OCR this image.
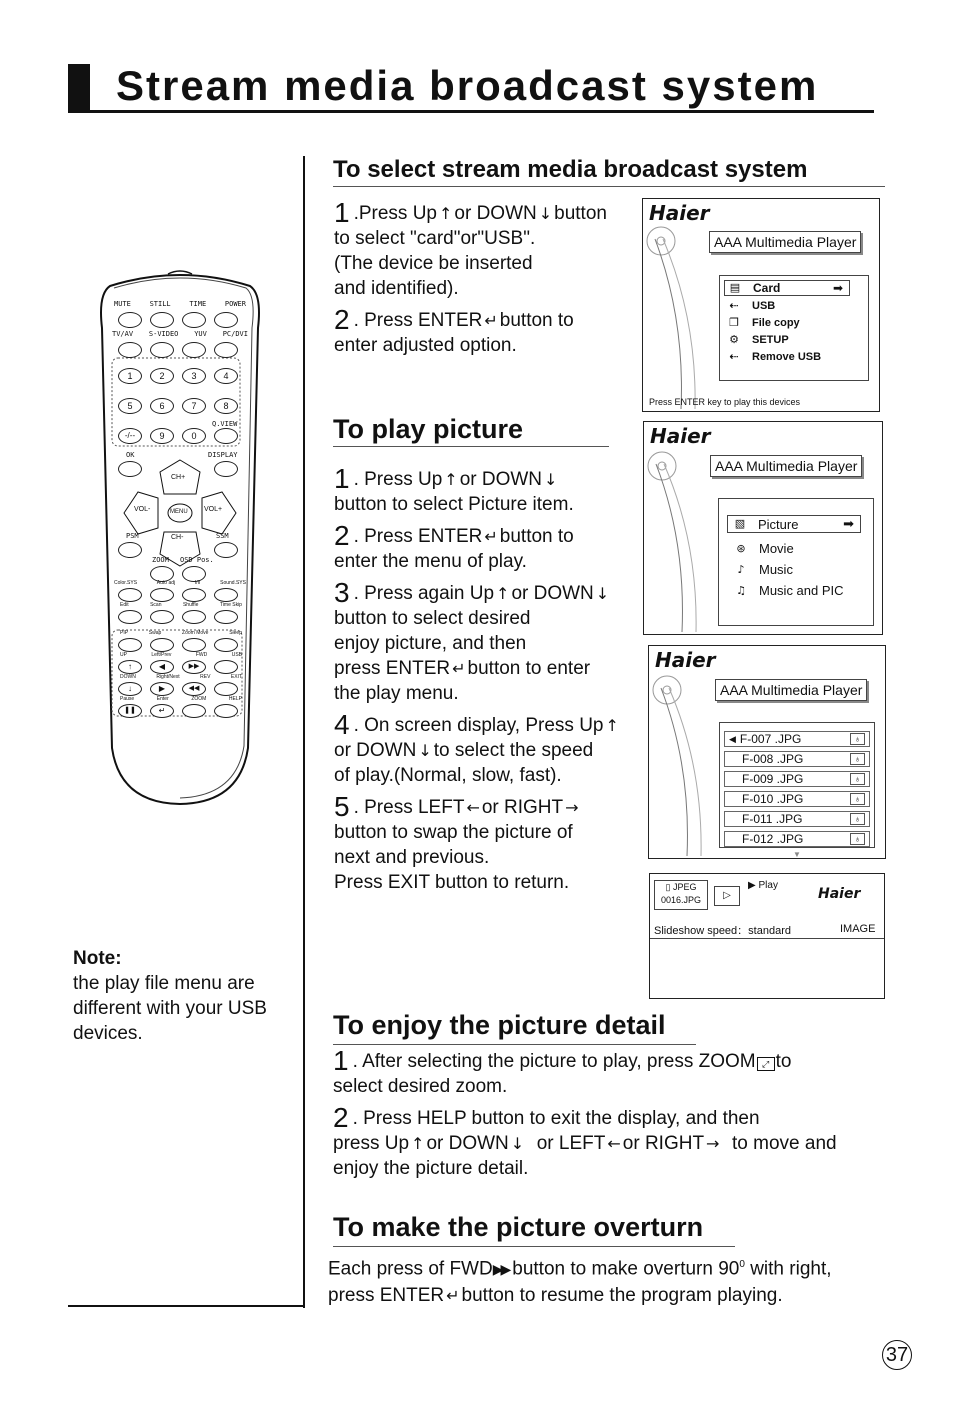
Stream media broadcast system
MUTE	STILL	TIME	POWER
TV/AV S-VIDEO YUV PC/DVI
1	2	3	4
5	6	7	8
Q.VIEW
-/--	9	0
OK	DISPLAY
CH+
CH-
VOL-	VOL+
MENU
PSM	SSM
ZOOM OSD Pos.
Color.SYS	Auto adj	I/II	Sound.SYS
Edit	Scan	Shuffle	Time Skip
PIP	Swap	Zoom Move	Sleep
UP	Left/Prev	FWD	USB
↑	◀	▶▶
DOWN	Right/Next	REV	EXIT
↓	▶	◀◀
Pause	Enter	ZOOM	HELP
❚❚	↵
Note:
the play file menu are
different with your USB
devices.
To select stream media broadcast system
1 .Press Up ↑ or DOWN ↓ button
to select "card"or"USB".
(The device be inserted
and identified).
2 . Press ENTER ↵ button to
enter adjusted option.
Haier
AAA Multimedia Player
▤ Card	➡
⇠	USB
❐ File copy
⚙ SETUP
⇠	Remove USB
Press ENTER key to play this devices
To play picture
1 . Press Up ↑ or DOWN ↓
button to select Picture item.
2 . Press ENTER ↵ button to
enter the menu of play.
3 . Press again Up ↑ or DOWN ↓
button to select desired
enjoy picture, and then
press ENTER ↵ button to enter
the play menu.
4 . On screen display, Press Up ↑
or DOWN ↓ to select the speed
of play.(Normal, slow, fast).
5 . Press LEFT ← or RIGHT →
button to swap the picture of
next and previous.
Press EXIT button to return.
Haier
AAA Multimedia Player
▧ Picture	➡
⊛ Movie
♪	Music
♫ Music and PIC
Haier
AAA Multimedia Player
◀ F-007 .JPG	♁
F-008 .JPG	♁
F-009 .JPG	♁
F-010 .JPG	♁
F-011 .JPG	♁
F-012 .JPG	♁
▼
▯ JPEG
0016.JPG	▷
▶ Play
Haier
Slideshow speed：standard	IMAGE
To enjoy the picture detail
1 . After selecting the picture to play, press ZOOM ⤢ to
select desired zoom.
2 . Press HELP button to exit the display, and then
press Up ↑ or DOWN ↓ or LEFT ← or RIGHT → to move and
enjoy the picture detail.
To make the picture overturn
Each press of FWD▶▶ button to make overturn $90^0$ with right,
press ENTER ↵ button to resume the program playing.
37
